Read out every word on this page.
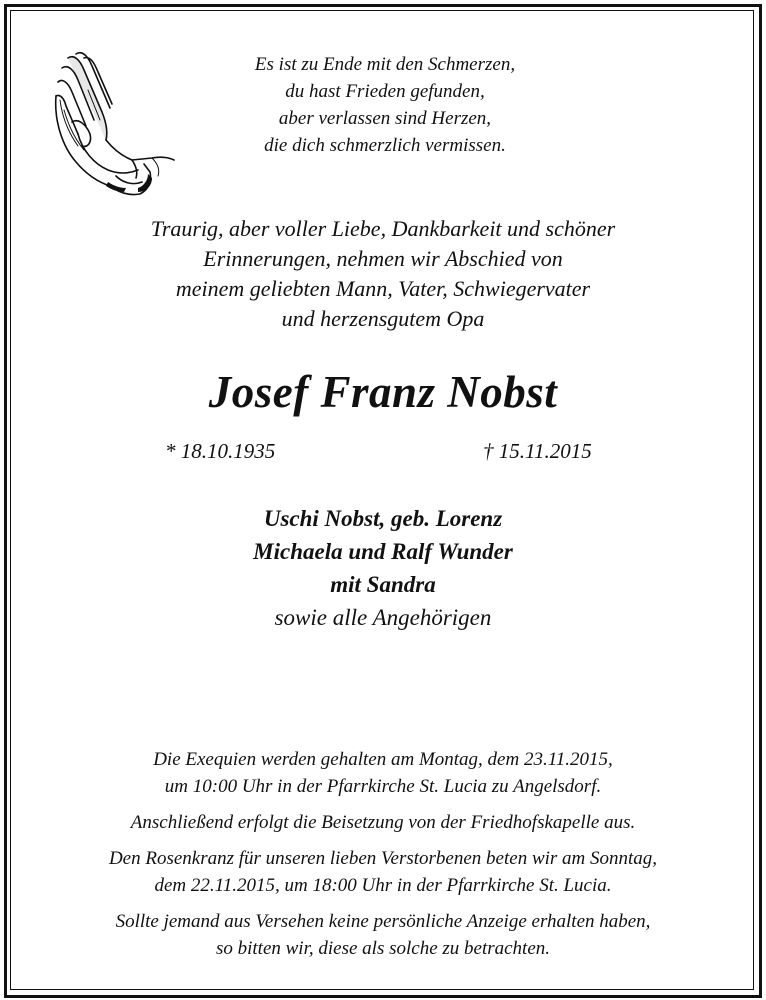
Es ist zu Ende mit den Schmerzen,
du hast Frieden gefunden,
aber verlassen sind Herzen,
die dich schmerzlich vermissen.
Traurig, aber voller Liebe, Dankbarkeit und schöner
Erinnerungen, nehmen wir Abschied von
meinem geliebten Mann, Vater, Schwiegervater
und herzensgutem Opa
Josef Franz Nobst
* 18.10.1935	† 15.11.2015
Uschi Nobst, geb. Lorenz
Michaela und Ralf Wunder
mit Sandra
sowie alle Angehörigen
Die Exequien werden gehalten am Montag, dem 23.11.2015,
um 10:00 Uhr in der Pfarrkirche St. Lucia zu Angelsdorf.
Anschließend erfolgt die Beisetzung von der Friedhofskapelle aus.
Den Rosenkranz für unseren lieben Verstorbenen beten wir am Sonntag,
dem 22.11.2015, um 18:00 Uhr in der Pfarrkirche St. Lucia.
Sollte jemand aus Versehen keine persönliche Anzeige erhalten haben,
so bitten wir, diese als solche zu betrachten.
